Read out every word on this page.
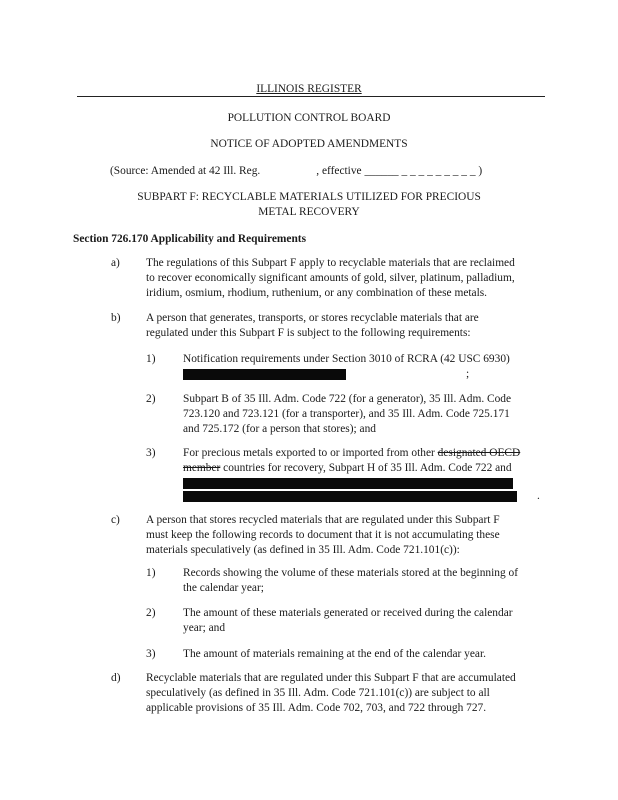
ILLINOIS REGISTER
POLLUTION CONTROL BOARD
NOTICE OF ADOPTED AMENDMENTS
(Source: Amended at 42 Ill. Reg.	, effective ______ _ _ _ _ _ _ _ _ _ )
SUBPART F: RECYCLABLE MATERIALS UTILIZED FOR PRECIOUS
METAL RECOVERY
Section 726.170 Applicability and Requirements
a) The regulations of this Subpart F apply to recyclable materials that are reclaimed
to recover economically significant amounts of gold, silver, platinum, palladium,
iridium, osmium, rhodium, ruthenium, or any combination of these metals.
b) A person that generates, transports, or stores recyclable materials that are
regulated under this Subpart F is subject to the following requirements:
1) Notification requirements under Section 3010 of RCRA (42 USC 6930)
;
2) Subpart B of 35 Ill. Adm. Code 722 (for a generator), 35 Ill. Adm. Code
723.120 and 723.121 (for a transporter), and 35 Ill. Adm. Code 725.171
and 725.172 (for a person that stores); and
3) For precious metals exported to or imported from other designated OECD
member countries for recovery, Subpart H of 35 Ill. Adm. Code 722 and
.
c) A person that stores recycled materials that are regulated under this Subpart F
must keep the following records to document that it is not accumulating these
materials speculatively (as defined in 35 Ill. Adm. Code 721.101(c)):
1) Records showing the volume of these materials stored at the beginning of
the calendar year;
2) The amount of these materials generated or received during the calendar
year; and
3) The amount of materials remaining at the end of the calendar year.
d) Recyclable materials that are regulated under this Subpart F that are accumulated
speculatively (as defined in 35 Ill. Adm. Code 721.101(c)) are subject to all
applicable provisions of 35 Ill. Adm. Code 702, 703, and 722 through 727.
